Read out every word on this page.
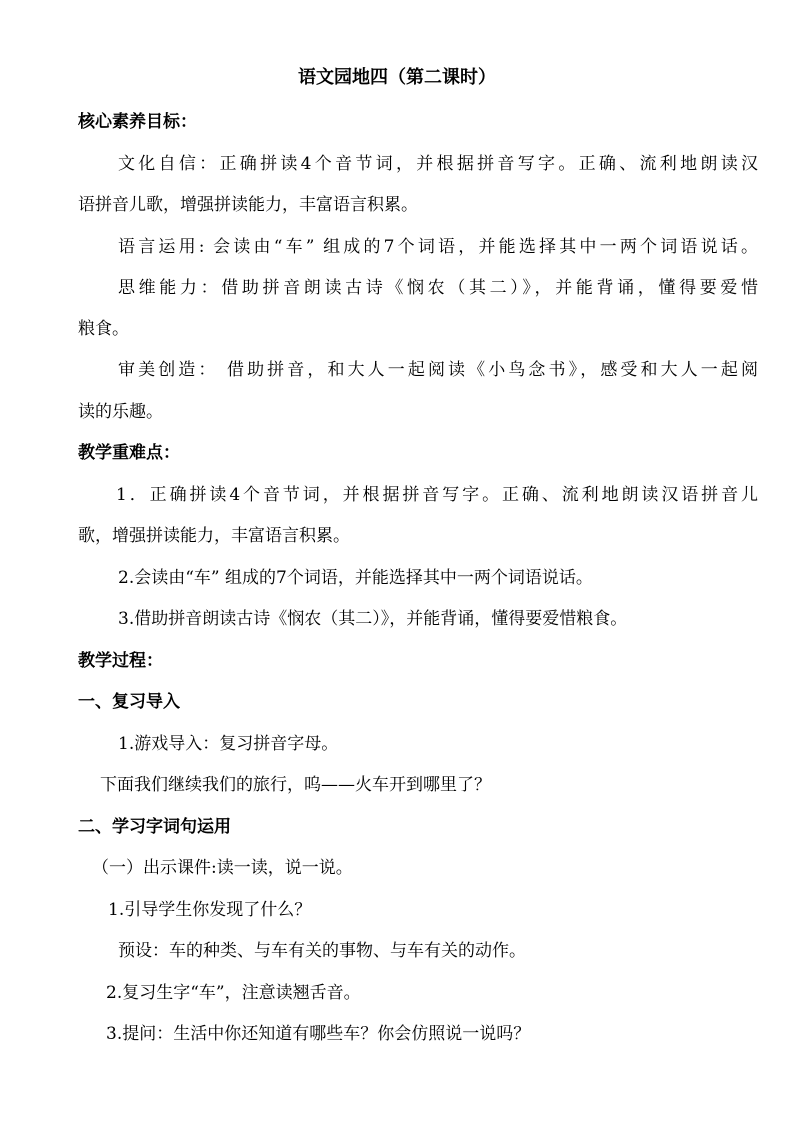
语文园地四（第二课时）
核心素养目标：
文化自信：正确拼读4个音节词，并根据拼音写字。正确、流利地朗读汉
语拼音儿歌，增强拼读能力，丰富语言积累。
语言运用: 会读由“车” 组成的7个词语，并能选择其中一两个词语说话。
思维能力：借助拼音朗读古诗《悯农（其二）》，并能背诵，懂得要爱惜
粮食。
审美创造： 借助拼音，和大人一起阅读《小鸟念书》，感受和大人一起阅
读的乐趣。
教学重难点：
1．正确拼读4个音节词，并根据拼音写字。正确、流利地朗读汉语拼音儿
歌，增强拼读能力，丰富语言积累。
2.会读由“车” 组成的7个词语，并能选择其中一两个词语说话。
3.借助拼音朗读古诗《悯农（其二）》，并能背诵，懂得要爱惜粮食。
教学过程：
一、复习导入
1.游戏导入：复习拼音字母。
下面我们继续我们的旅行，呜——火车开到哪里了？
二、学习字词句运用
（一）出示课件:读一读，说一说。
1.引导学生你发现了什么？
预设：车的种类、与车有关的事物、与车有关的动作。
2.复习生字“车”，注意读翘舌音。
3.提问：生活中你还知道有哪些车？你会仿照说一说吗？
